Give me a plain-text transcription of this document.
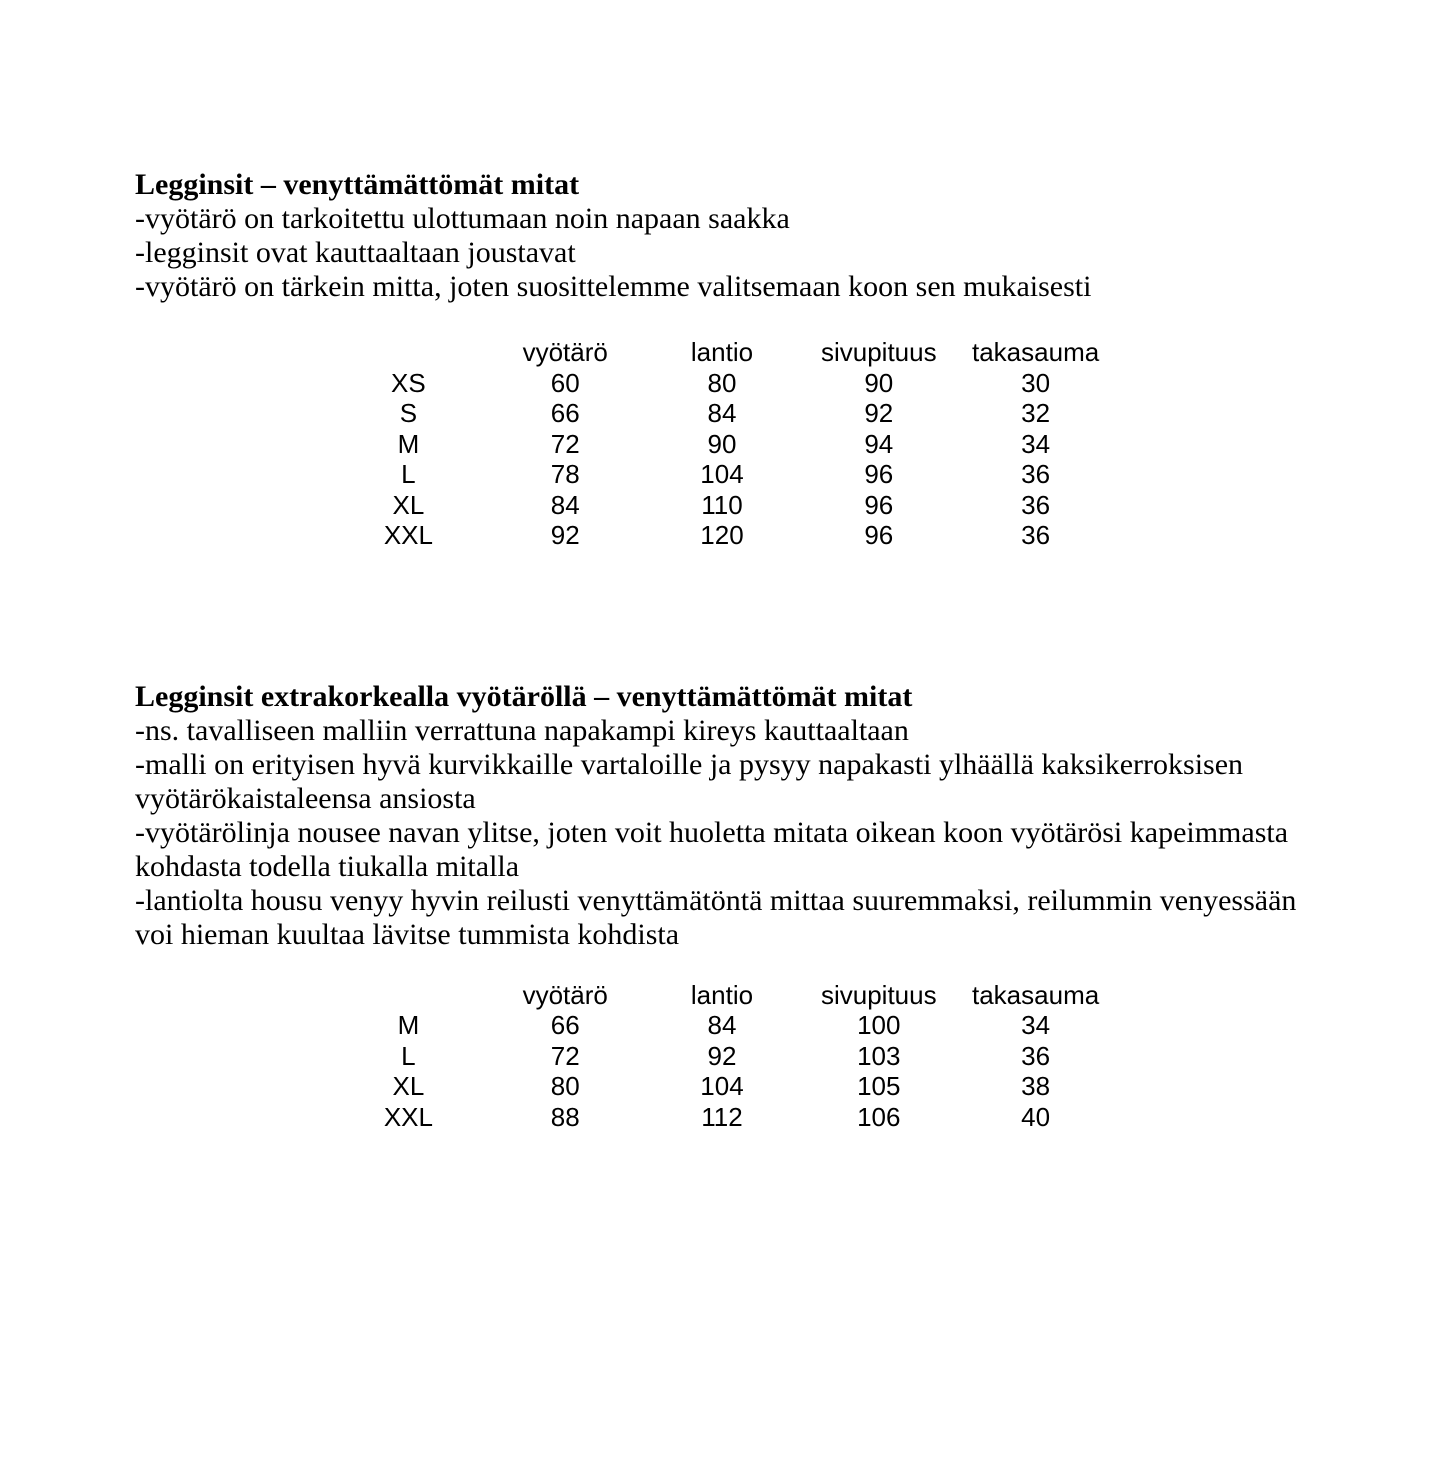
Legginsit – venyttämättömät mitat
-vyötärö on tarkoitettu ulottumaan noin napaan saakka
-legginsit ovat kauttaaltaan joustavat
-vyötärö on tärkein mitta, joten suosittelemme valitsemaan koon sen mukaisesti
	vyötärö	lantio	sivupituus	takasauma
XS	60	80	90	30
S	66	84	92	32
M	72	90	94	34
L	78	104	96	36
XL	84	110	96	36
XXL	92	120	96	36
Legginsit extrakorkealla vyötäröllä – venyttämättömät mitat
-ns. tavalliseen malliin verrattuna napakampi kireys kauttaaltaan
-malli on erityisen hyvä kurvikkaille vartaloille ja pysyy napakasti ylhäällä kaksikerroksisen
vyötärökaistaleensa ansiosta
-vyötärölinja nousee navan ylitse, joten voit huoletta mitata oikean koon vyötärösi kapeimmasta
kohdasta todella tiukalla mitalla
-lantiolta housu venyy hyvin reilusti venyttämätöntä mittaa suuremmaksi, reilummin venyessään
voi hieman kuultaa lävitse tummista kohdista
	vyötärö	lantio	sivupituus	takasauma
M	66	84	100	34
L	72	92	103	36
XL	80	104	105	38
XXL	88	112	106	40
